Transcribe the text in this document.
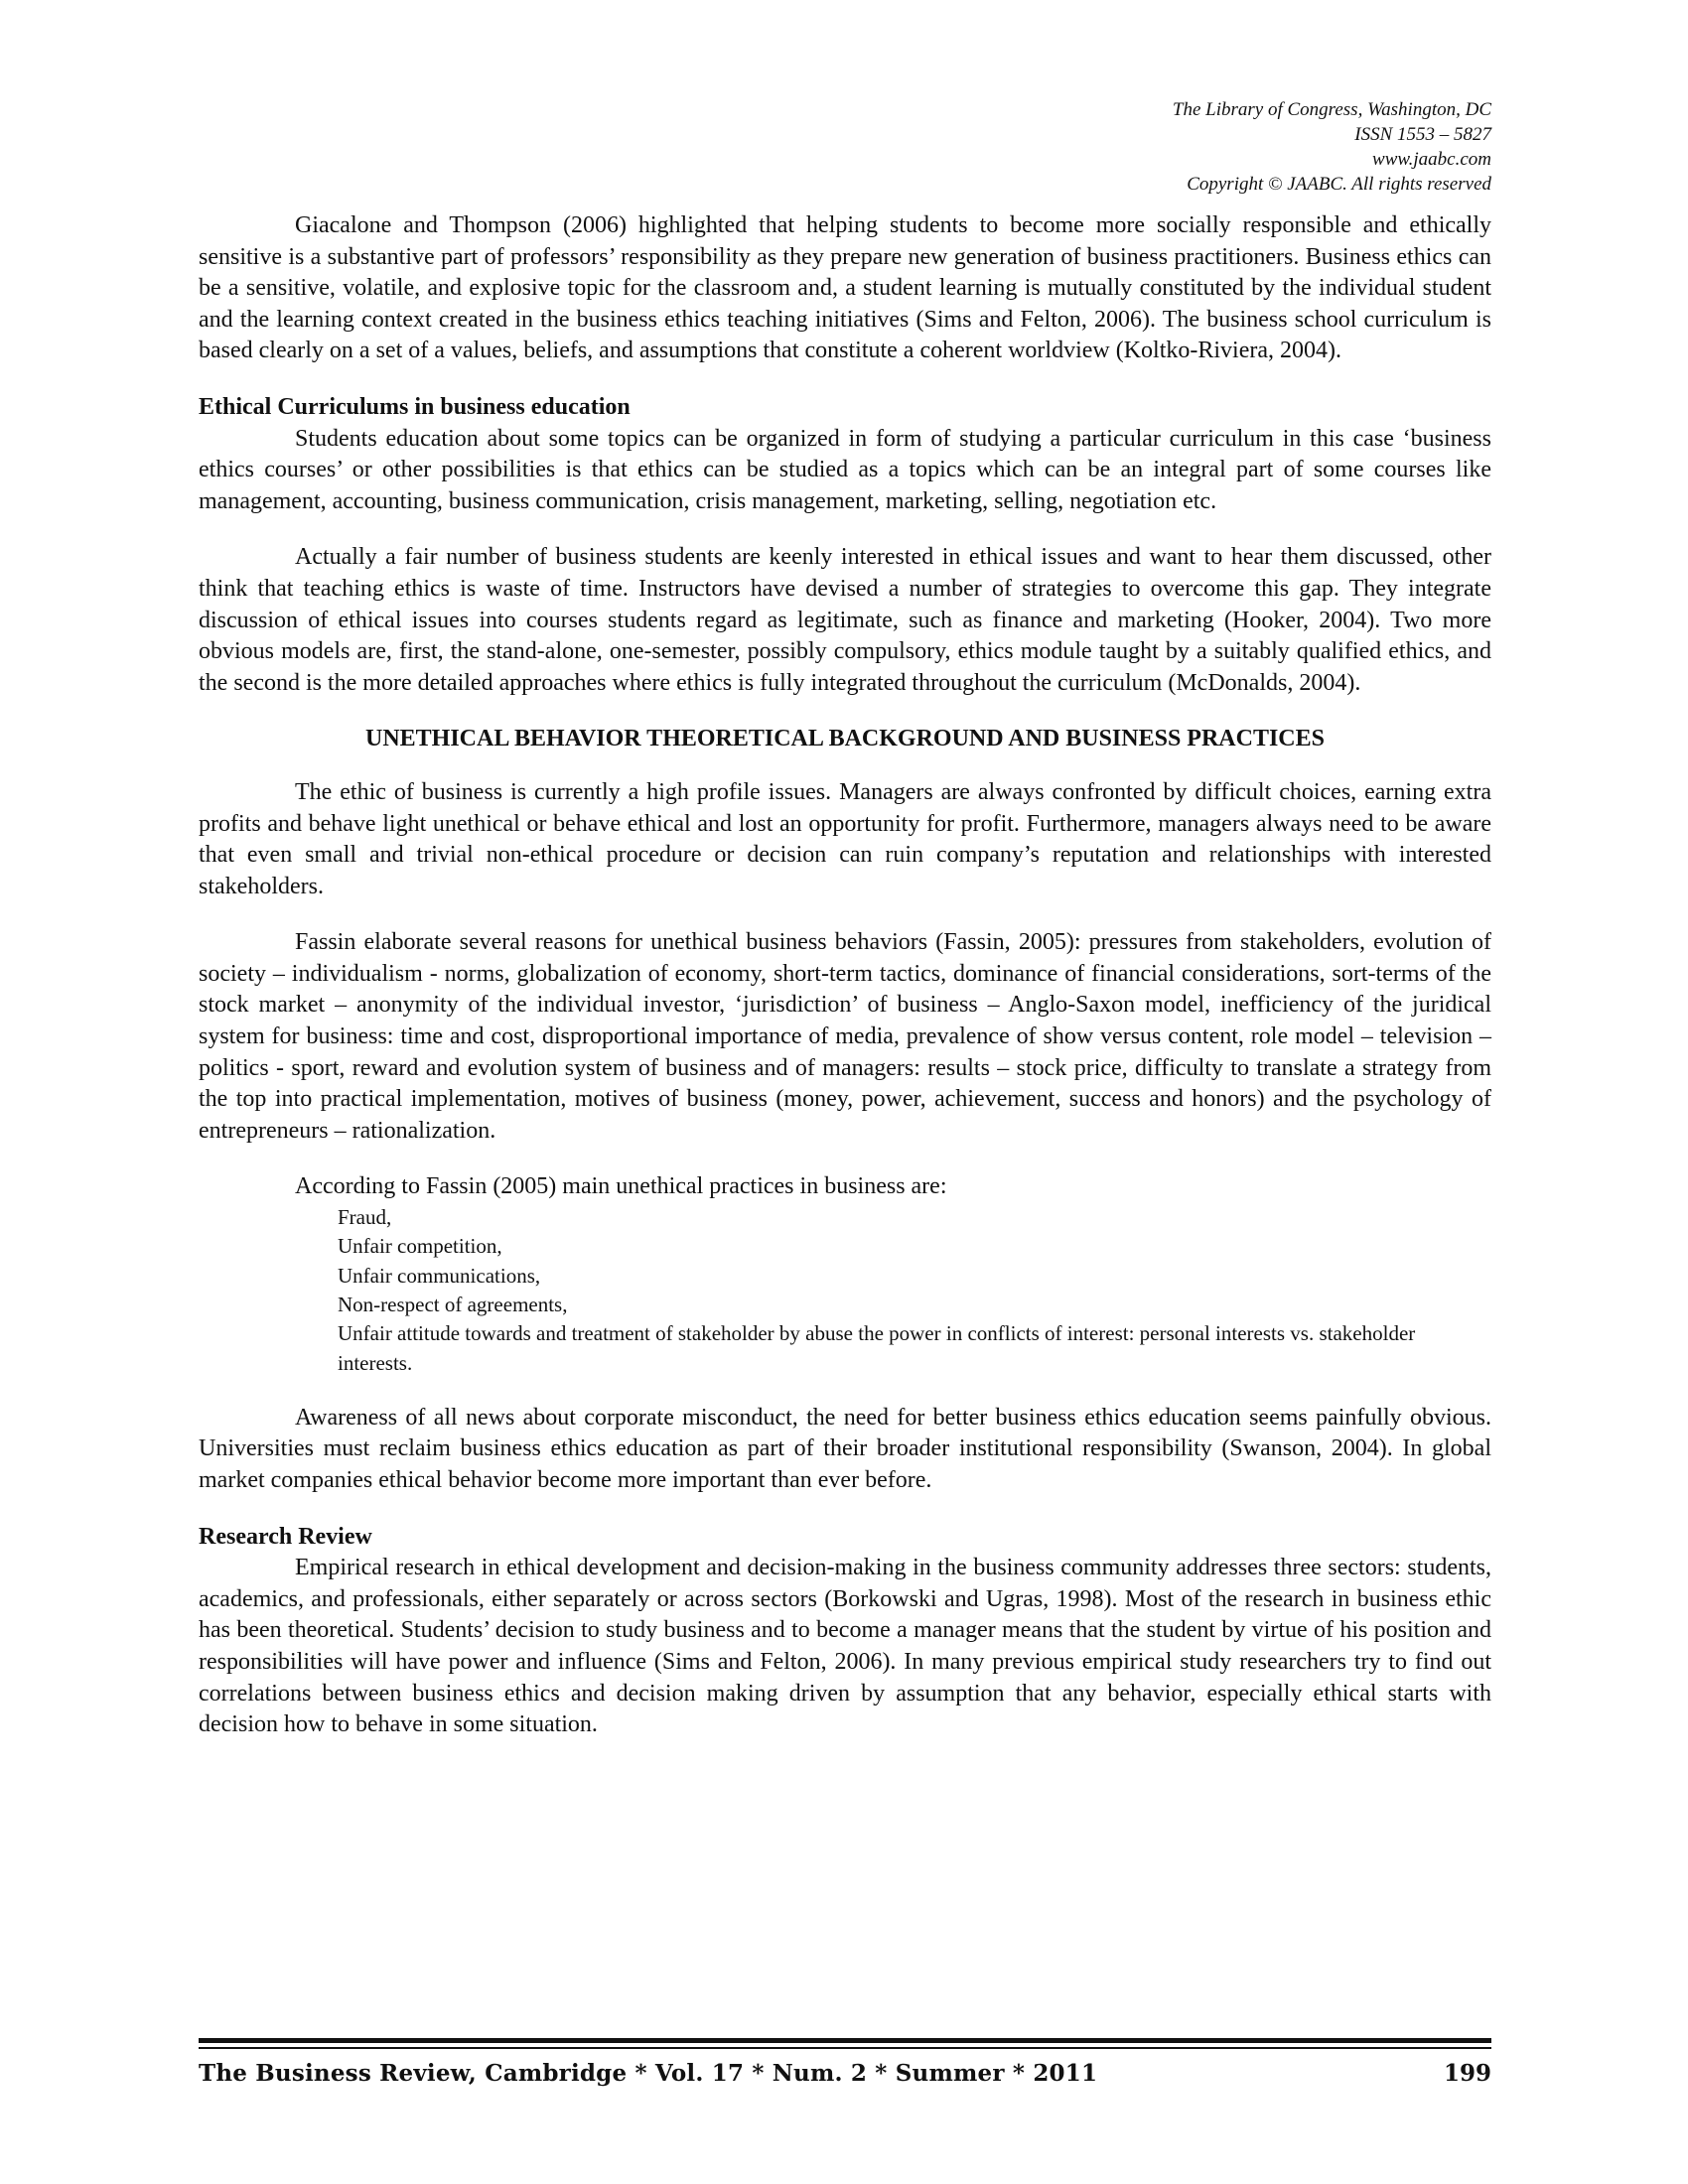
The Library of Congress, Washington, DC
ISSN 1553 – 5827
www.jaabc.com
Copyright © JAABC. All rights reserved

Giacalone and Thompson (2006) highlighted that helping students to become more socially responsible and ethically sensitive is a substantive part of professors’ responsibility as they prepare new generation of business practitioners. Business ethics can be a sensitive, volatile, and explosive topic for the classroom and, a student learning is mutually constituted by the individual student and the learning context created in the business ethics teaching initiatives (Sims and Felton, 2006). The business school curriculum is based clearly on a set of a values, beliefs, and assumptions that constitute a coherent worldview (Koltko-Riviera, 2004).

Ethical Curriculums in business education

Students education about some topics can be organized in form of studying a particular curriculum in this case ‘business ethics courses’ or other possibilities is that ethics can be studied as a topics which can be an integral part of some courses like management, accounting, business communication, crisis management, marketing, selling, negotiation etc.

Actually a fair number of business students are keenly interested in ethical issues and want to hear them discussed, other think that teaching ethics is waste of time. Instructors have devised a number of strategies to overcome this gap. They integrate discussion of ethical issues into courses students regard as legitimate, such as finance and marketing (Hooker, 2004). Two more obvious models are, first, the stand-alone, one-semester, possibly compulsory, ethics module taught by a suitably qualified ethics, and the second is the more detailed approaches where ethics is fully integrated throughout the curriculum (McDonalds, 2004).

UNETHICAL BEHAVIOR THEORETICAL BACKGROUND AND BUSINESS PRACTICES

The ethic of business is currently a high profile issues. Managers are always confronted by difficult choices, earning extra profits and behave light unethical or behave ethical and lost an opportunity for profit. Furthermore, managers always need to be aware that even small and trivial non-ethical procedure or decision can ruin company’s reputation and relationships with interested stakeholders.

Fassin elaborate several reasons for unethical business behaviors (Fassin, 2005): pressures from stakeholders, evolution of society – individualism - norms, globalization of economy, short-term tactics, dominance of financial considerations, sort-terms of the stock market – anonymity of the individual investor, ‘jurisdiction’ of business – Anglo-Saxon model, inefficiency of the juridical system for business: time and cost, disproportional importance of media, prevalence of show versus content, role model – television – politics - sport, reward and evolution system of business and of managers: results – stock price, difficulty to translate a strategy from the top into practical implementation, motives of business (money, power, achievement, success and honors) and the psychology of entrepreneurs – rationalization.

According to Fassin (2005) main unethical practices in business are:
Fraud,
Unfair competition,
Unfair communications,
Non-respect of agreements,
Unfair attitude towards and treatment of stakeholder by abuse the power in conflicts of interest: personal interests vs. stakeholder interests.

Awareness of all news about corporate misconduct, the need for better business ethics education seems painfully obvious. Universities must reclaim business ethics education as part of their broader institutional responsibility (Swanson, 2004). In global market companies ethical behavior become more important than ever before.

Research Review

Empirical research in ethical development and decision-making in the business community addresses three sectors: students, academics, and professionals, either separately or across sectors (Borkowski and Ugras, 1998). Most of the research in business ethic has been theoretical. Students’ decision to study business and to become a manager means that the student by virtue of his position and responsibilities will have power and influence (Sims and Felton, 2006). In many previous empirical study researchers try to find out correlations between business ethics and decision making driven by assumption that any behavior, especially ethical starts with decision how to behave in some situation.

The Business Review, Cambridge * Vol. 17 * Num. 2 * Summer * 2011	199
